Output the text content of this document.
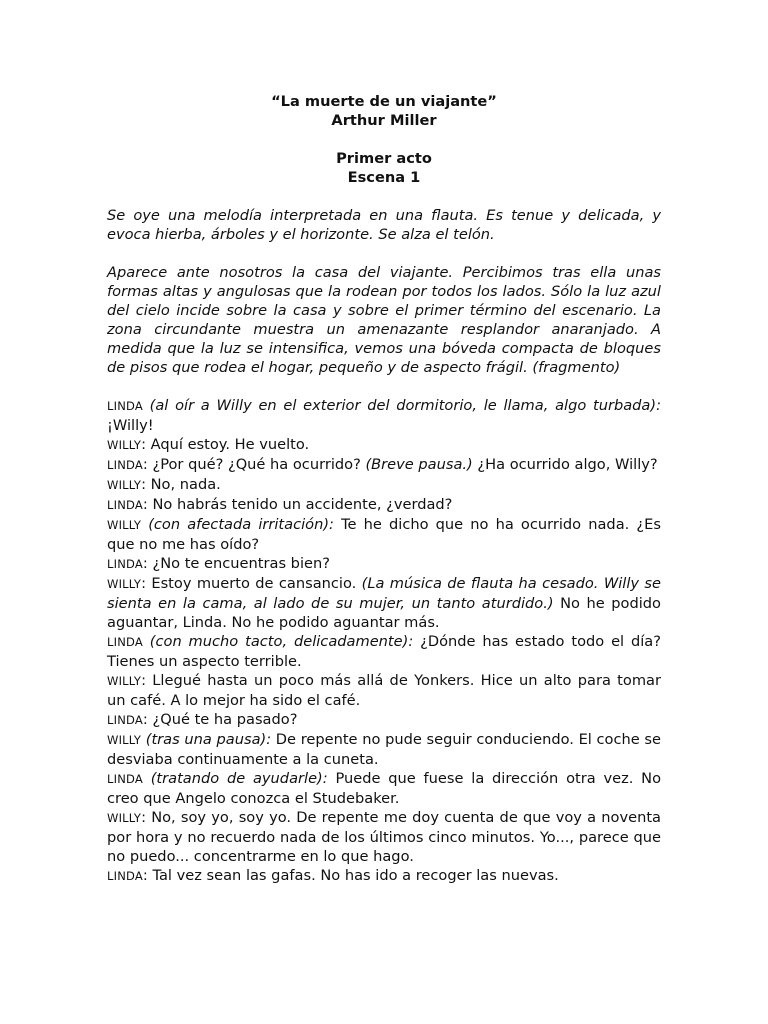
“La muerte de un viajante”
Arthur Miller
Primer acto
Escena 1

Se oye una melodía interpretada en una flauta. Es tenue y delicada, y evoca hierba, árboles y el horizonte. Se alza el telón.

Aparece ante nosotros la casa del viajante. Percibimos tras ella unas formas altas y angulosas que la rodean por todos los lados. Sólo la luz azul del cielo incide sobre la casa y sobre el primer término del escenario. La zona circundante muestra un amenazante resplandor anaranjado. A medida que la luz se intensifica, vemos una bóveda compacta de bloques de pisos que rodea el hogar, pequeño y de aspecto frágil. (fragmento)

LINDA (al oír a Willy en el exterior del dormitorio, le llama, algo turbada): ¡Willy!

WILLY: Aquí estoy. He vuelto.

LINDA: ¿Por qué? ¿Qué ha ocurrido? (Breve pausa.) ¿Ha ocurrido algo, Willy?

WILLY: No, nada.

LINDA: No habrás tenido un accidente, ¿verdad?

WILLY (con afectada irritación): Te he dicho que no ha ocurrido nada. ¿Es que no me has oído?

LINDA: ¿No te encuentras bien?

WILLY: Estoy muerto de cansancio. (La música de flauta ha cesado. Willy se sienta en la cama, al lado de su mujer, un tanto aturdido.) No he podido aguantar, Linda. No he podido aguantar más.

LINDA (con mucho tacto, delicadamente): ¿Dónde has estado todo el día? Tienes un aspecto terrible.

WILLY: Llegué hasta un poco más allá de Yonkers. Hice un alto para tomar un café. A lo mejor ha sido el café.

LINDA: ¿Qué te ha pasado?

WILLY (tras una pausa): De repente no pude seguir conduciendo. El coche se desviaba continuamente a la cuneta.

LINDA (tratando de ayudarle): Puede que fuese la dirección otra vez. No creo que Angelo conozca el Studebaker.

WILLY: No, soy yo, soy yo. De repente me doy cuenta de que voy a noventa por hora y no recuerdo nada de los últimos cinco minutos. Yo..., parece que no puedo... concentrarme en lo que hago.

LINDA: Tal vez sean las gafas. No has ido a recoger las nuevas.
